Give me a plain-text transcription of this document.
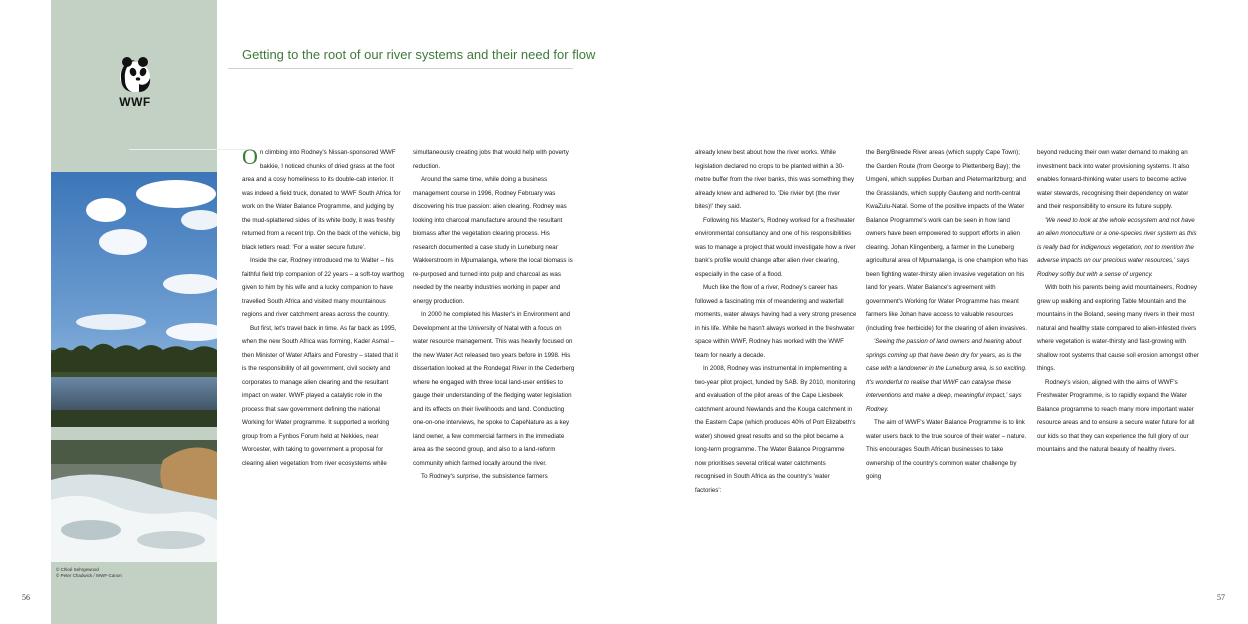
WWF
© Chloé Sehrgewood
© Peter Chadwick / WWF-Canon
56	57
Getting to the root of our river systems and their need for flow

On climbing into Rodney's Nissan-sponsored WWF bakkie, I noticed chunks of dried grass at the foot area and a cosy homeliness to its double-cab interior. It was indeed a field truck, donated to WWF South Africa for work on the Water Balance Programme, and judging by the mud-splattered sides of its white body, it was freshly returned from a recent trip. On the back of the vehicle, big black letters read: 'For a water secure future'.

Inside the car, Rodney introduced me to Walter – his faithful field trip companion of 22 years – a soft-toy warthog given to him by his wife and a lucky companion to have travelled South Africa and visited many mountainous regions and river catchment areas across the country.

But first, let's travel back in time. As far back as 1995, when the new South Africa was forming, Kader Asmal – then Minister of Water Affairs and Forestry – stated that it is the responsibility of all government, civil society and corporates to manage alien clearing and the resultant impact on water. WWF played a catalytic role in the process that saw government defining the national Working for Water programme. It supported a working group from a Fynbos Forum held at Nekkies, near Worcester, with taking to government a proposal for clearing alien vegetation from river ecosystems while

simultaneously creating jobs that would help with poverty reduction.

Around the same time, while doing a business management course in 1996, Rodney February was discovering his true passion: alien clearing. Rodney was looking into charcoal manufacture around the resultant biomass after the vegetation clearing process. His research documented a case study in Luneburg near Wakkerstroom in Mpumalanga, where the local biomass is re-purposed and turned into pulp and charcoal as was needed by the nearby industries working in paper and energy production.

In 2000 he completed his Master's in Environment and Development at the University of Natal with a focus on water resource management. This was heavily focused on the new Water Act released two years before in 1998. His dissertation looked at the Rondegat River in the Cederberg where he engaged with three local land-user entities to gauge their understanding of the fledging water legislation and its effects on their livelihoods and land. Conducting one-on-one interviews, he spoke to CapeNature as a key land owner, a few commercial farmers in the immediate area as the second group, and also to a land-reform community which farmed locally around the river.

To Rodney's surprise, the subsistence farmers

already knew best about how the river works. While legislation declared no crops to be planted within a 30-metre buffer from the river banks, this was something they already knew and adhered to. 'Die rivier byt (the river bites)!' they said.

Following his Master's, Rodney worked for a freshwater environmental consultancy and one of his responsibilities was to manage a project that would investigate how a river bank's profile would change after alien river clearing, especially in the case of a flood.

Much like the flow of a river, Rodney's career has followed a fascinating mix of meandering and waterfall moments, water always having had a very strong presence in his life. While he hasn't always worked in the freshwater space within WWF, Rodney has worked with the WWF team for nearly a decade.

In 2008, Rodney was instrumental in implementing a two-year pilot project, funded by SAB. By 2010, monitoring and evaluation of the pilot areas of the Cape Liesbeek catchment around Newlands and the Kouga catchment in the Eastern Cape (which produces 40% of Port Elizabeth's water) showed great results and so the pilot became a long-term programme. The Water Balance Programme now prioritises several critical water catchments recognised in South Africa as the country's 'water factories':

the Berg/Breede River areas (which supply Cape Town); the Garden Route (from George to Plettenberg Bay); the Umgeni, which supplies Durban and Pietermaritzburg; and the Grasslands, which supply Gauteng and north-central KwaZulu-Natal. Some of the positive impacts of the Water Balance Programme's work can be seen in how land owners have been empowered to support efforts in alien clearing. Johan Klingenberg, a farmer in the Luneberg agricultural area of Mpumalanga, is one champion who has been fighting water-thirsty alien invasive vegetation on his land for years. Water Balance's agreement with government's Working for Water Programme has meant farmers like Johan have access to valuable resources (including free herbicide) for the clearing of alien invasives.

'Seeing the passion of land owners and hearing about springs coming up that have been dry for years, as is the case with a landowner in the Luneburg area, is so exciting. It's wonderful to realise that WWF can catalyse these interventions and make a deep, meaningful impact,' says Rodney.

The aim of WWF's Water Balance Programme is to link water users back to the true source of their water – nature. This encourages South African businesses to take ownership of the country's common water challenge by going

beyond reducing their own water demand to making an investment back into water provisioning systems. It also enables forward-thinking water users to become active water stewards, recognising their dependency on water and their responsibility to ensure its future supply.

'We need to look at the whole ecosystem and not have an alien monoculture or a one-species river system as this is really bad for indigenous vegetation, not to mention the adverse impacts on our precious water resources,' says Rodney softly but with a sense of urgency.

With both his parents being avid mountaineers, Rodney grew up walking and exploring Table Mountain and the mountains in the Boland, seeing many rivers in their most natural and healthy state compared to alien-infested rivers where vegetation is water-thirsty and fast-growing with shallow root systems that cause soil erosion amongst other things.

Rodney's vision, aligned with the aims of WWF's Freshwater Programme, is to rapidly expand the Water Balance programme to reach many more important water resource areas and to ensure a secure water future for all our kids so that they can experience the full glory of our mountains and the natural beauty of healthy rivers.
